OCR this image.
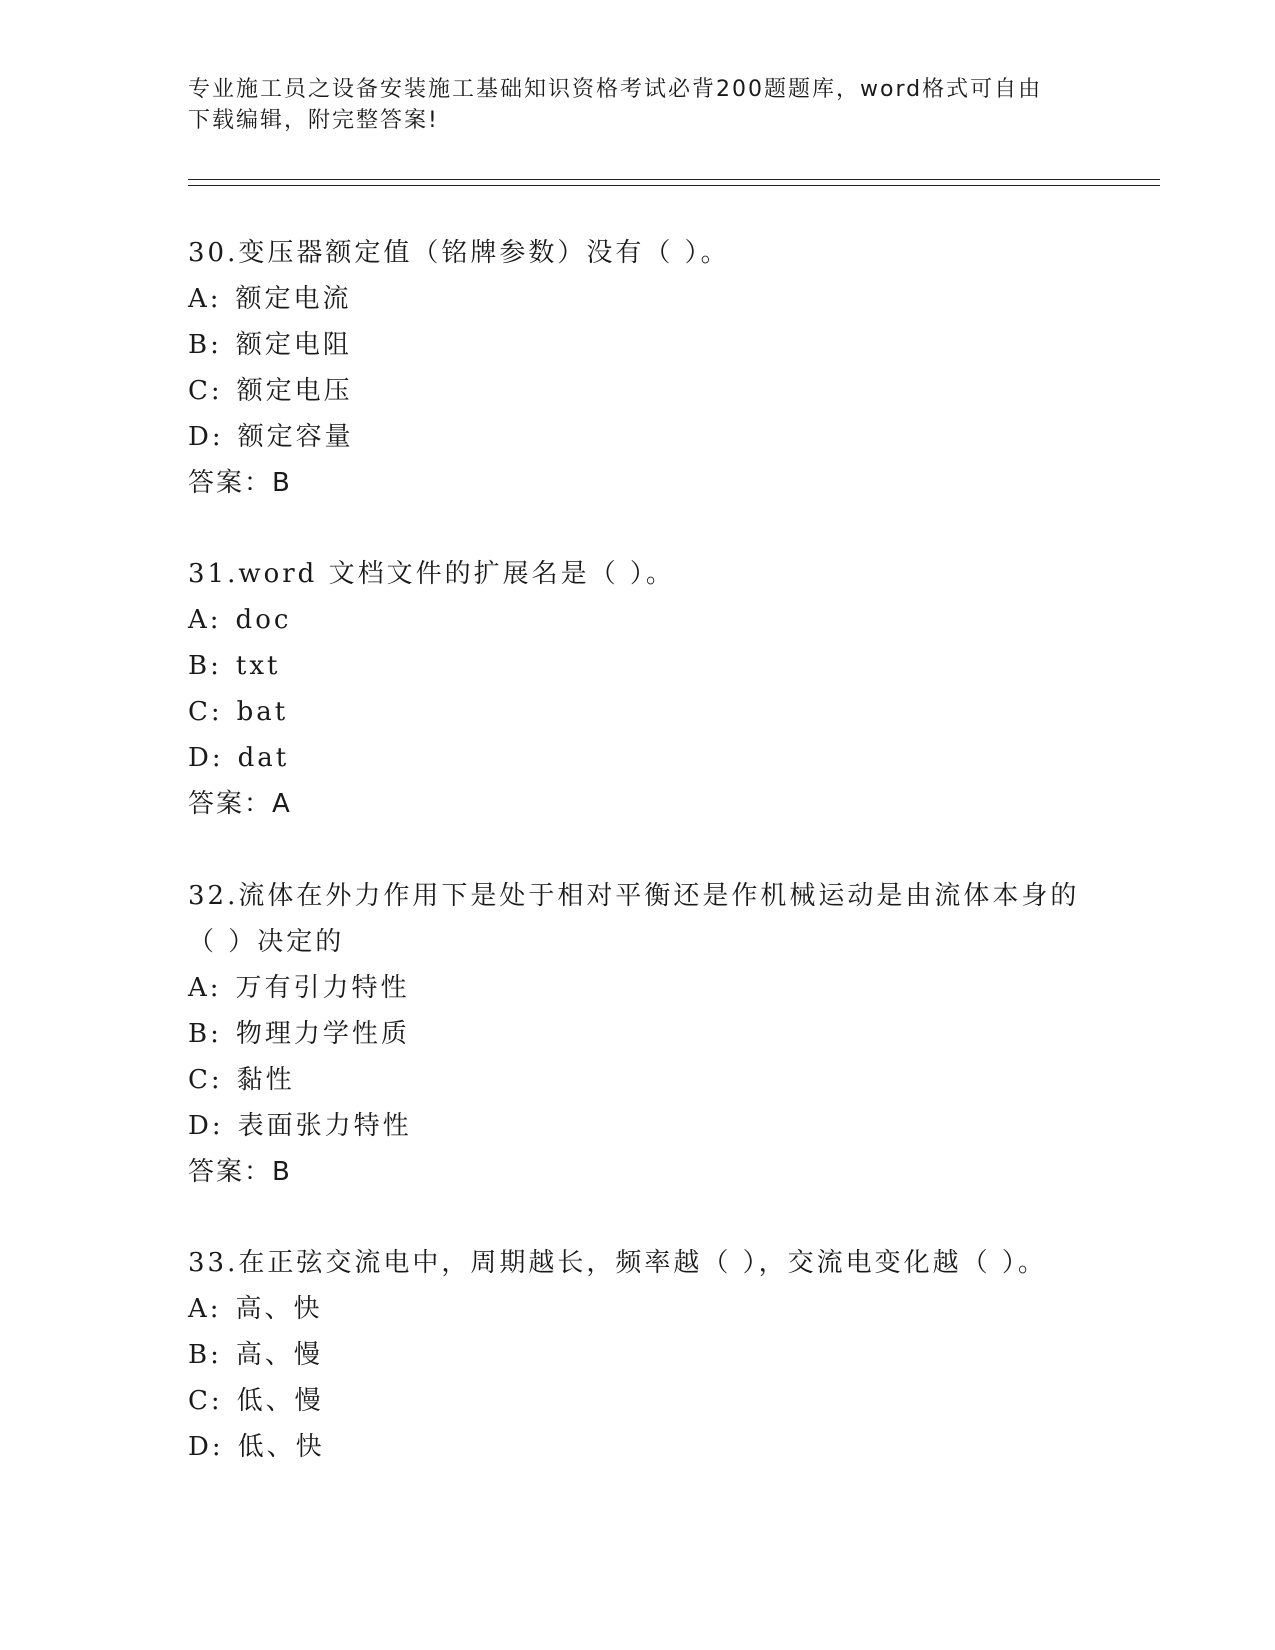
专业施工员之设备安装施工基础知识资格考试必背200题题库，word格式可自由
下载编辑，附完整答案!
30.变压器额定值（铭牌参数）没有（ ）。
A: 额定电流
B: 额定电阻
C: 额定电压
D: 额定容量
答案：B
31.word 文档文件的扩展名是（ ）。
A: doc
B: txt
C: bat
D: dat
答案：A
32.流体在外力作用下是处于相对平衡还是作机械运动是由流体本身的
（ ）决定的
A: 万有引力特性
B: 物理力学性质
C: 黏性
D: 表面张力特性
答案：B
33.在正弦交流电中，周期越长，频率越（ ），交流电变化越（ ）。
A: 高、快
B: 高、慢
C: 低、慢
D: 低、快
